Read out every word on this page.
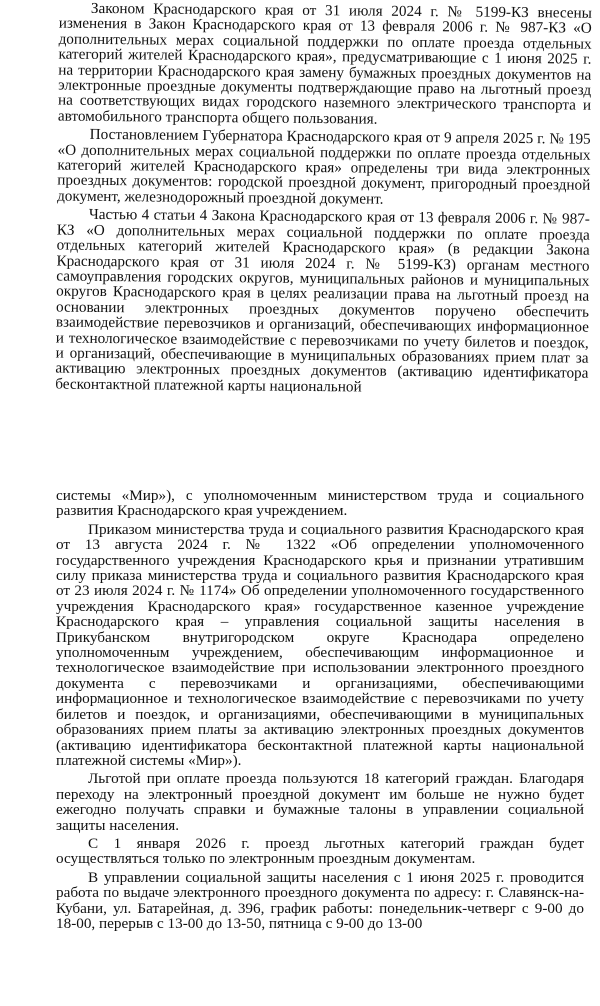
Законом Краснодарского края от 31 июля 2024 г. № 5199-КЗ внесены изменения в Закон Краснодарского края от 13 февраля 2006 г. № 987-КЗ «О дополнительных мерах социальной поддержки по оплате проезда отдельных категорий жителей Краснодарского края», предусматривающие с 1 июня 2025 г. на территории Краснодарского края замену бумажных проездных документов на электронные проездные документы подтверждающие право на льготный проезд на соответствующих видах городского наземного электрического транспорта и автомобильного транспорта общего пользования.

Постановлением Губернатора Краснодарского края от 9 апреля 2025 г. № 195 «О дополнительных мерах социальной поддержки по оплате проезда отдельных категорий жителей Краснодарского края» определены три вида электронных проездных документов: городской проездной документ, пригородный проездной документ, железнодорожный проездной документ.

Частью 4 статьи 4 Закона Краснодарского края от 13 февраля 2006 г. № 987-КЗ «О дополнительных мерах социальной поддержки по оплате проезда отдельных категорий жителей Краснодарского края» (в редакции Закона Краснодарского края от 31 июля 2024 г. № 5199-КЗ) органам местного самоуправления городских округов, муниципальных районов и муниципальных округов Краснодарского края в целях реализации права на льготный проезд на основании электронных проездных документов поручено обеспечить взаимодействие перевозчиков и организаций, обеспечивающих информационное и технологическое взаимодействие с перевозчиками по учету билетов и поездок, и организаций, обеспечивающие в муниципальных образованиях прием плат за активацию электронных проездных документов (активацию идентификатора бесконтактной платежной карты национальной

системы «Мир»), с уполномоченным министерством труда и социального развития Краснодарского края учреждением.

Приказом министерства труда и социального развития Краснодарского края от 13 августа 2024 г. № 1322 «Об определении уполномоченного государственного учреждения Краснодарского крья и признании утратившим силу приказа министерства труда и социального развития Краснодарского края от 23 июля 2024 г. № 1174» Об определении уполномоченного государственного учреждения Краснодарского края» государственное казенное учреждение Краснодарского края – управления социальной защиты населения в Прикубанском внутригородском округе Краснодара определено уполномоченным учреждением, обеспечивающим информационное и технологическое взаимодействие при использовании электронного проездного документа с перевозчиками и организациями, обеспечивающими информационное и технологическое взаимодействие с перевозчиками по учету билетов и поездок, и организациями, обеспечивающими в муниципальных образованиях прием платы за активацию электронных проездных документов (активацию идентификатора бесконтактной платежной карты национальной платежной системы «Мир»).

Льготой при оплате проезда пользуются 18 категорий граждан. Благодаря переходу на электронный проездной документ им больше не нужно будет ежегодно получать справки и бумажные талоны в управлении социальной защиты населения.

С 1 января 2026 г. проезд льготных категорий граждан будет осуществляться только по электронным проездным документам.

В управлении социальной защиты населения с 1 июня 2025 г. проводится работа по выдаче электронного проездного документа по адресу: г. Славянск-на-Кубани, ул. Батарейная, д. 396, график работы: понедельник-четверг с 9-00 до 18-00, перерыв с 13-00 до 13-50, пятница с 9-00 до 13-00
